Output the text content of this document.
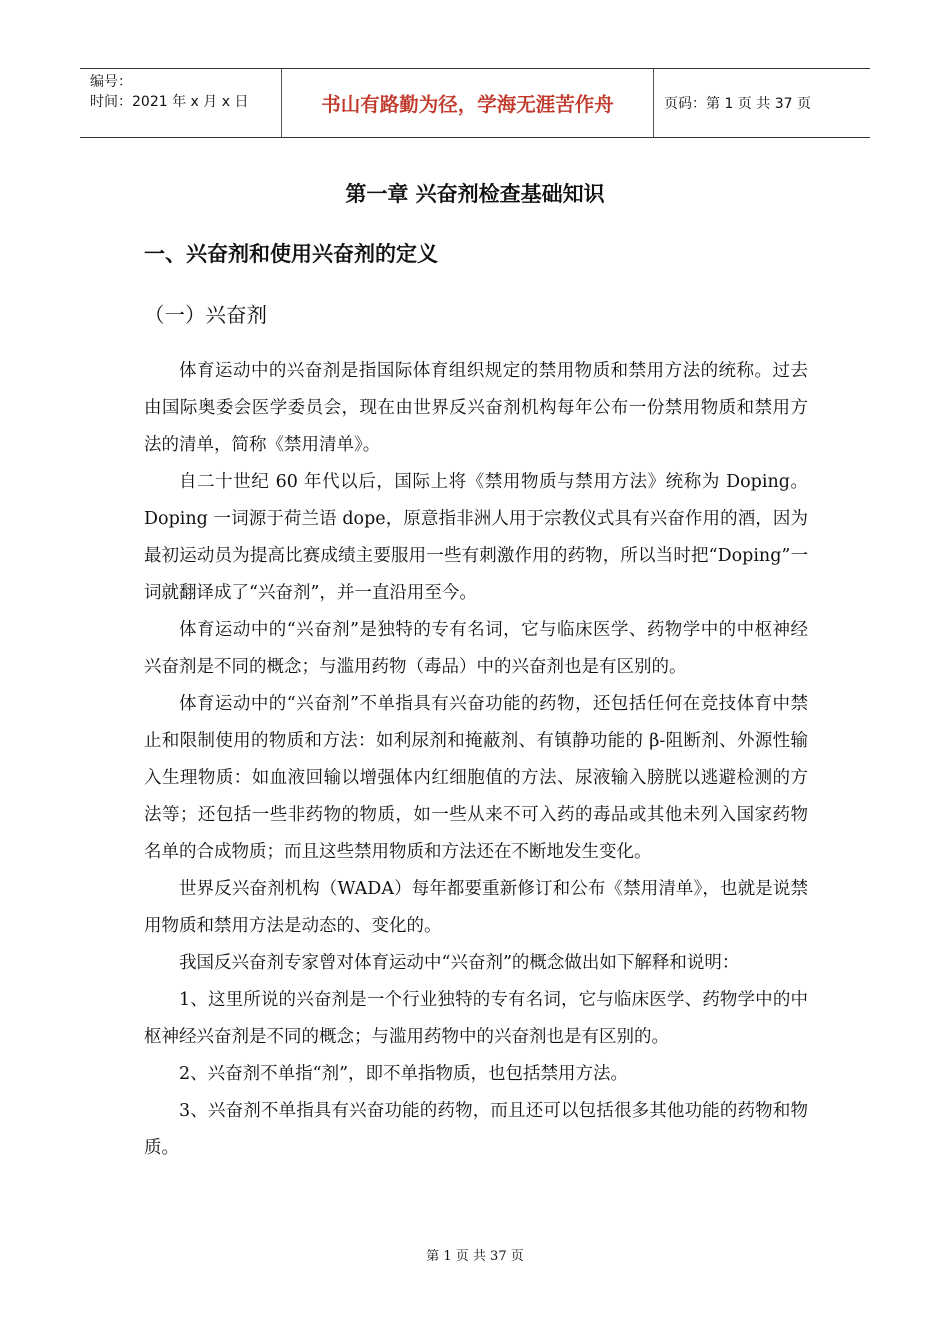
编号：
时间：2021 年 x 月 x 日	书山有路勤为径，学海无涯苦作舟	页码：第 1 页 共 37 页
第一章 兴奋剂检查基础知识
一、兴奋剂和使用兴奋剂的定义
（一）兴奋剂

体育运动中的兴奋剂是指国际体育组织规定的禁用物质和禁用方法的统称。过去由国际奥委会医学委员会，现在由世界反兴奋剂机构每年公布一份禁用物质和禁用方法的清单，简称《禁用清单》。

自二十世纪 60 年代以后，国际上将《禁用物质与禁用方法》统称为 Doping。Doping 一词源于荷兰语 dope，原意指非洲人用于宗教仪式具有兴奋作用的酒，因为最初运动员为提高比赛成绩主要服用一些有刺激作用的药物，所以当时把“Doping”一词就翻译成了“兴奋剂”，并一直沿用至今。

体育运动中的“兴奋剂”是独特的专有名词，它与临床医学、药物学中的中枢神经兴奋剂是不同的概念；与滥用药物（毒品）中的兴奋剂也是有区别的。

体育运动中的“兴奋剂”不单指具有兴奋功能的药物，还包括任何在竞技体育中禁止和限制使用的物质和方法：如利尿剂和掩蔽剂、有镇静功能的 β-阻断剂、外源性输入生理物质：如血液回输以增强体内红细胞值的方法、尿液输入膀胱以逃避检测的方法等；还包括一些非药物的物质，如一些从来不可入药的毒品或其他未列入国家药物名单的合成物质；而且这些禁用物质和方法还在不断地发生变化。

世界反兴奋剂机构（WADA）每年都要重新修订和公布《禁用清单》，也就是说禁用物质和禁用方法是动态的、变化的。

我国反兴奋剂专家曾对体育运动中“兴奋剂”的概念做出如下解释和说明：

1、这里所说的兴奋剂是一个行业独特的专有名词，它与临床医学、药物学中的中枢神经兴奋剂是不同的概念；与滥用药物中的兴奋剂也是有区别的。

2、兴奋剂不单指“剂”，即不单指物质，也包括禁用方法。

3、兴奋剂不单指具有兴奋功能的药物，而且还可以包括很多其他功能的药物和物质。

第 1 页 共 37 页
